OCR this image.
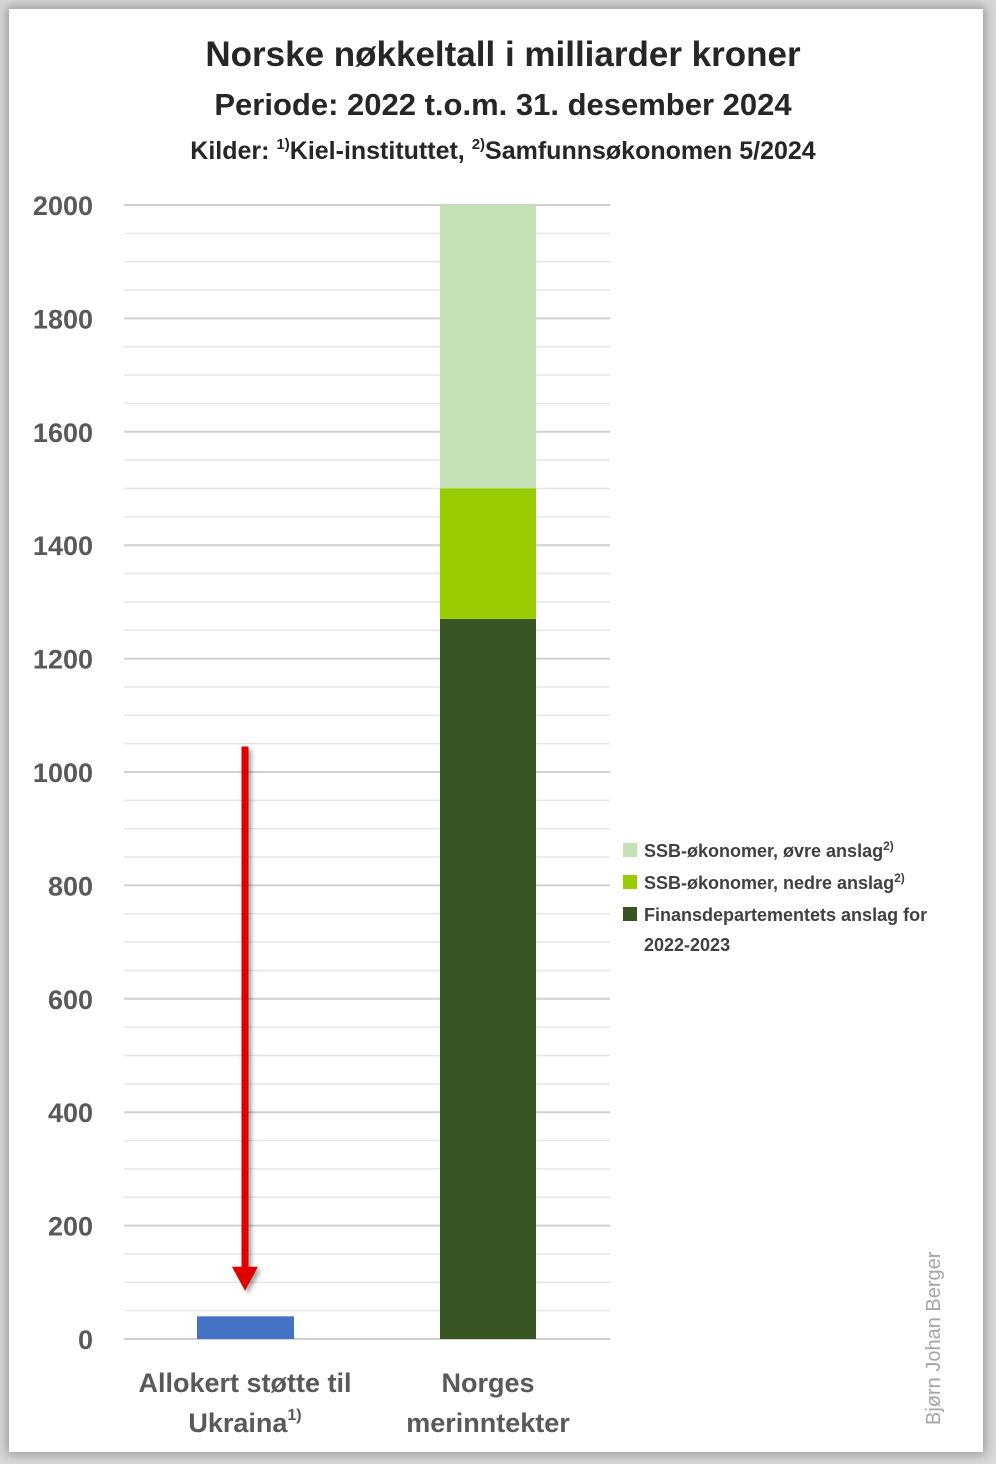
Norske nøkkeltall i milliarder kroner
Periode: 2022 t.o.m. 31. desember 2024
Kilder: $^{1)}$Kiel-instituttet, $^{2)}$Samfunnsøkonomen 5/2024
0
200
400
600
800
1000
1200
1400
1600
1800
2000
Allokert støtte til
Ukraina$^{1)}$
Norges
merinntekter
SSB-økonomer, øvre anslag$^{2)}$
SSB-økonomer, nedre anslag$^{2)}$
Finansdepartementets anslag for
2022-2023
Bjørn Johan Berger
